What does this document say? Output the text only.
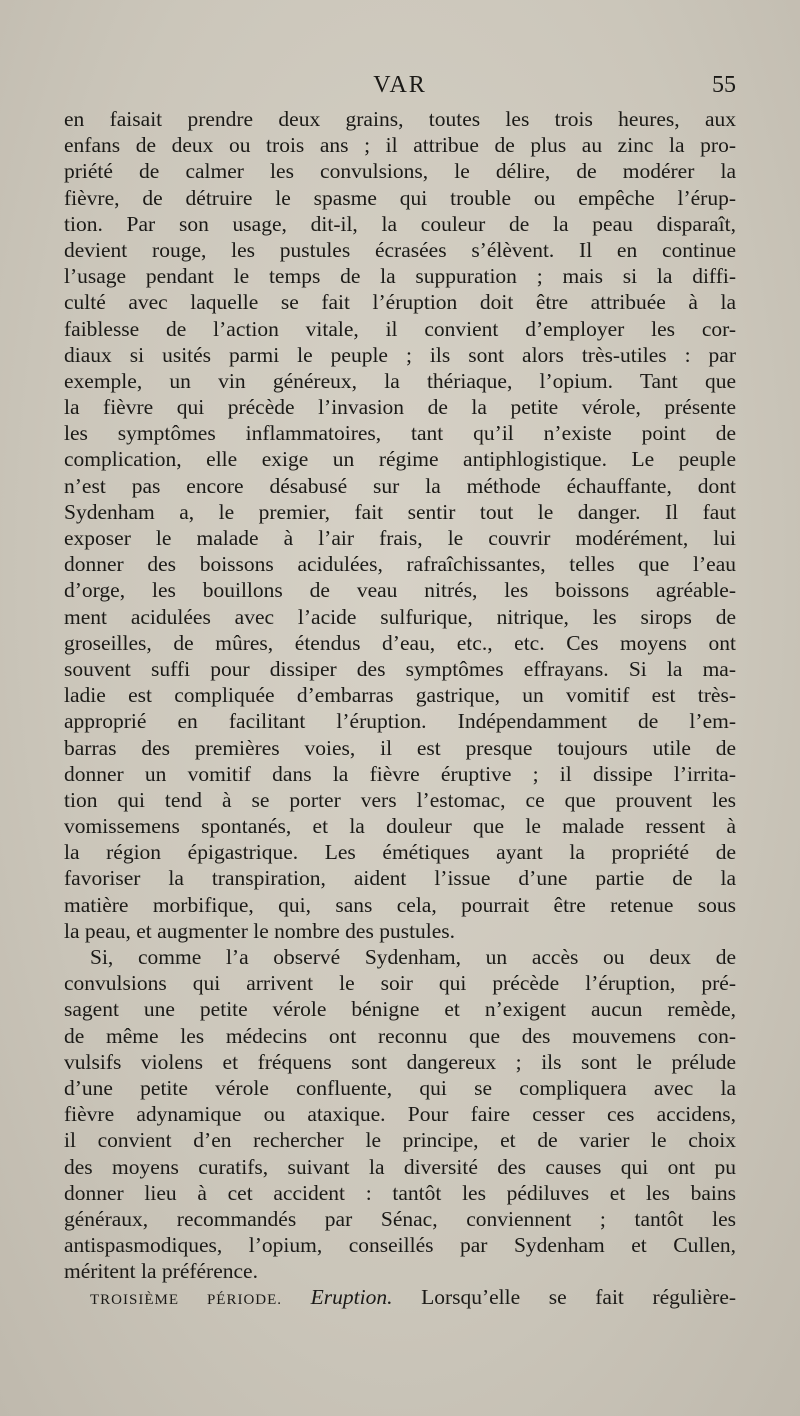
VAR	55
en faisait prendre deux grains, toutes les trois heures, aux
enfans de deux ou trois ans ; il attribue de plus au zinc la pro-
priété de calmer les convulsions, le délire, de modérer la
fièvre, de détruire le spasme qui trouble ou empêche l’érup-
tion. Par son usage, dit-il, la couleur de la peau disparaît,
devient rouge, les pustules écrasées s’élèvent. Il en continue
l’usage pendant le temps de la suppuration ; mais si la diffi-
culté avec laquelle se fait l’éruption doit être attribuée à la
faiblesse de l’action vitale, il convient d’employer les cor-
diaux si usités parmi le peuple ; ils sont alors très-utiles : par
exemple, un vin généreux, la thériaque, l’opium. Tant que
la fièvre qui précède l’invasion de la petite vérole, présente
les symptômes inflammatoires, tant qu’il n’existe point de
complication, elle exige un régime antiphlogistique. Le peuple
n’est pas encore désabusé sur la méthode échauffante, dont
Sydenham a, le premier, fait sentir tout le danger. Il faut
exposer le malade à l’air frais, le couvrir modérément, lui
donner des boissons acidulées, rafraîchissantes, telles que l’eau
d’orge, les bouillons de veau nitrés, les boissons agréable-
ment acidulées avec l’acide sulfurique, nitrique, les sirops de
groseilles, de mûres, étendus d’eau, etc., etc. Ces moyens ont
souvent suffi pour dissiper des symptômes effrayans. Si la ma-
ladie est compliquée d’embarras gastrique, un vomitif est très-
approprié en facilitant l’éruption. Indépendamment de l’em-
barras des premières voies, il est presque toujours utile de
donner un vomitif dans la fièvre éruptive ; il dissipe l’irrita-
tion qui tend à se porter vers l’estomac, ce que prouvent les
vomissemens spontanés, et la douleur que le malade ressent à
la région épigastrique. Les émétiques ayant la propriété de
favoriser la transpiration, aident l’issue d’une partie de la
matière morbifique, qui, sans cela, pourrait être retenue sous
la peau, et augmenter le nombre des pustules.
Si, comme l’a observé Sydenham, un accès ou deux de
convulsions qui arrivent le soir qui précède l’éruption, pré-
sagent une petite vérole bénigne et n’exigent aucun remède,
de même les médecins ont reconnu que des mouvemens con-
vulsifs violens et fréquens sont dangereux ; ils sont le prélude
d’une petite vérole confluente, qui se compliquera avec la
fièvre adynamique ou ataxique. Pour faire cesser ces accidens,
il convient d’en rechercher le principe, et de varier le choix
des moyens curatifs, suivant la diversité des causes qui ont pu
donner lieu à cet accident : tantôt les pédiluves et les bains
généraux, recommandés par Sénac, conviennent ; tantôt les
antispasmodiques, l’opium, conseillés par Sydenham et Cullen,
méritent la préférence.
TROISIÈME PÉRIODE. Eruption. Lorsqu’elle se fait régulière-
